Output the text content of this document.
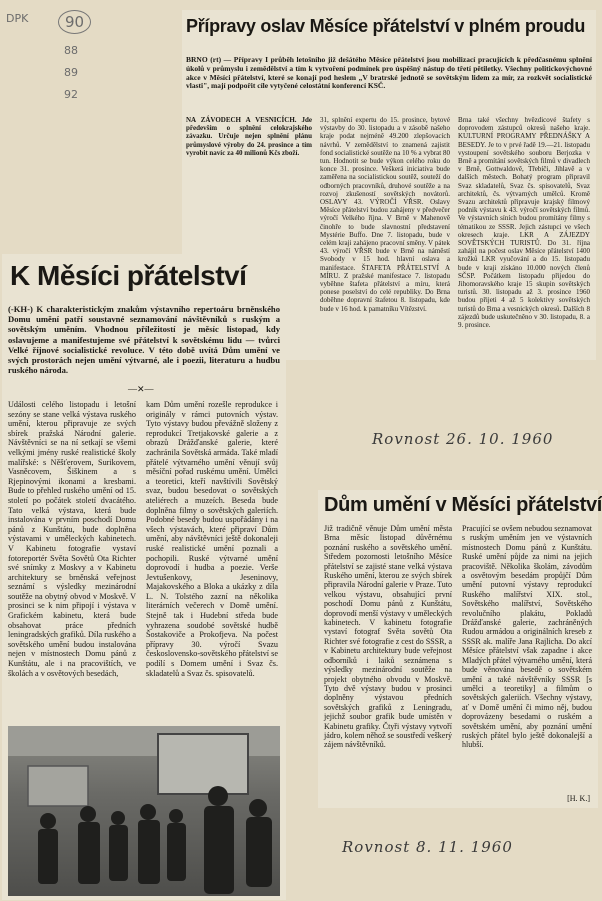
DPK	90
88
89
92
Přípravy oslav Měsíce přátelství v plném proudu
BRNO (rt) — Přípravy I průběh letošního již dešátého Měsíce přátelství jsou mobilizací pracujících k předčasnému splnění úkolů v průmyslu i zemědělství a tím k vytvoření podmínek pro úspěšný nástup do třetí pětiletky. Všechny politickovýchovné akce v Měsíci přátelství, které se konají pod heslem „V bratrské jednotě se sovětským lidem za mír, za rozkvět socialistické vlasti", mají podpořit cíle vytyčené celostátní konferencí KSČ.
NA ZÁVODECH A VESNICÍCH. Jde především o splnění celokrajského závazku. Určuje nejen splnění plánu průmyslové výroby do 24. prosince a tím vyrobit navíc za 40 milionů Kčs zboží.
31, splnění expertu do 15. prosince, bytové výstavby do 30. listopadu a v zásobě našeho kraje podat nejméně 49.200 zlepšovacích návrhů. V zemědělství to znamená zajistit fond socialistické soutěže na 10 % a vybrat 80 tun. Hodnotit se bude výkon celého roku do konce 31. prosince. Veškerá iniciativa bude zaměřena na socialistickou soutěž, souteží do odborných pracovníků, druhové soutěže a na rozvoj zkušeností sovětských novátorů. OSLAVY 43. VÝROČÍ VŘSR. Oslavy Měsíce přátelství budou zahájeny v předvečer výročí Velkého října. V Brně v Mahenově činohře to bude slavnostní představení Mystérie Buffo. Dne 7. listopadu, bude v celém kraji zahájeno pracovní směny. V pátek 43. výročí VŘSR bude v Brně na náměstí Svobody v 15 hod. hlavní oslava a manifestace. ŠTAFETA PŘÁTELSTVÍ A MÍRU. Z pražské manifestace 7. listopadu vyběhne štafeta přátelství a míru, která ponese poselství do celé republiky. Do Brna doběhne dopravní štafetou 8. listopadu, kde bude v 16 hod. k pamatníku Vítězství.
Brna také všechny hvězdicové štafety s doprovodem zástupců okresů našeho kraje. KULTURNÍ PROGRAMY PŘEDNÁŠKY A BESEDY. Je to v prvé řadě 19.—21. listopadu vystoupení sovětského souboru Berjozka v Brně a promítání sovětských filmů v divadlech v Brně, Gottwaldově, Třebíči, Jihlavě a v dalších městech. Bohatý program připravil Svaz skladatelů, Svaz čs. spisovatelů, Svaz architektů, čs. výtvarných umělců. Kromě Svazu architektů připravuje krajský filmový podnik výstavu k 43. výročí sovětských filmů. Ve výstavních síních budou promítány filmy s tématikou ze SSSR. Jejich zástupci ve všech okresech kraje. LKR A ZÁJEZDY SOVĚTSKÝCH TURISTŮ. Do 31. října zahájil na počest oslav Měsíce přátelství 1400 krožků LKR vyučování a do 15. listopadu bude v kraji získáno 10.000 nových členů SČSP. Počátkem listopadu přijedou do Jihomoravského kraje 15 skupin sovětských turistů. 30. listopadu až 3. prosince 1960 budou přijeti 4 až 5 kolektivy sovětských turistů do Brna a vesnických okresů. Dalších 8 zájezdů bude uskutečněno v 30. listopadu, 8. a 9. prosince.
Rovnost 26. 10. 1960
K Měsíci přátelství
(-KH-) K charakteristickým znakům výstavního repertoáru brněnského Domu umění patří soustavné seznamování návštěvníků s ruským a sovětským uměním. Vhodnou příležitostí je měsíc listopad, kdy oslavujeme a manifestujeme své přátelství k sovětskému lidu — tvůrci Velké říjnové socialistické revoluce. V této době uvítá Dům umění ve svých prostorách nejen umění výtvarné, ale i poezii, literaturu a hudbu ruského národa.
—✕—
Události celého listopadu i letošní sezóny se stane velká výstava ruského umění, kterou připravuje ze svých sbírek pražská Národní galerie. Návštěvníci se na ní setkají se všemi velkými jmény ruské realistické školy malířské: s Něšťerovem, Surikovem, Vasněcovem, Šiškinem a s Rjepinovými ikonami a kresbami. Bude to přehled ruského umění od 15. století po počátek století dvacátého. Tato velká výstava, která bude instalována v prvním poschodí Domu pánů z Kunštátu, bude doplněna výstavami v uměleckých kabinetech. V Kabinetu fotografie vystaví fotoreportér Světa Sovětů Ota Richter své snímky z Moskvy a v Kabinetu architektury se brněnská veřejnost seznámí s výsledky mezinárodní soutěže na obytný obvod v Moskvě. V prosinci se k nim připojí i výstava v Grafickém kabinetu, která bude obsahovat práce předních leningradských grafiků. Díla ruského a sovětského umění budou instalována nejen v místnostech Domu pánů z Kunštátu, ale i na pracovištích, ve školách a v osvětových besedách,
kam Dům umění rozešle reprodukce i originály v rámci putovních výstav. Tyto výstavy budou převážně složeny z reprodukcí Tretjakovské galerie a z obrazů Drážďanské galerie, které zachránila Sovětská armáda. Také mladí přátelé výtvarného umění věnují svůj měsíční pořad ruskému umění. Umělci a teoretici, kteří navštívili Sovětský svaz, budou besedovat o sovětských ateliérech a muzeích. Beseda bude doplněna filmy o sovětských galeriích. Podobné besedy budou uspořádány i na všech výstavách, které připraví Dům umění, aby návštěvníci ještě dokonaleji ruské realistické umění poznali a pochopili. Ruské výtvarné umění doprovodí i hudba a poezie. Verše Jevtušenkovy, Jeseninovy, Majakovského a Bloka a ukázky z díla L. N. Tolstého zazní na několika literárních večerech v Domě umění. Stejně tak i Hudební středa bude vyhrazena soudobé sovětské hudbě Šostakoviče a Prokofjeva. Na počest přípravy 30. výročí Svazu československo-sovětského přátelství se podílí s Domem umění i Svaz čs. skladatelů a Svaz čs. spisovatelů.
Dům umění v Měsíci přátelství
Již tradičně věnuje Dům umění města Brna měsíc listopad důvěrnému poznání ruského a sovětského umění. Středem pozornosti letošního Měsíce přátelství se zajisté stane velká výstava Ruského umění, kterou ze svých sbírek připravila Národní galerie v Praze. Tuto velkou výstavu, obsahující první poschodí Domu pánů z Kunštátu, doprovodí menší výstavy v uměleckých kabinetech. V kabinetu fotografie vystaví fotograf Světa sovětů Ota Richter své fotografie z cest do SSSR, a v Kabinetu architektury bude veřejnost odborníků i laiků seznámena s výsledky mezinárodní soutěže na projekt obytného obvodu v Moskvě. Tyto dvě výstavy budou v prosinci doplněny výstavou předních sovětských grafiků z Leningradu, jejichž soubor grafik bude umístěn v Kabinetu grafiky. Čtyři výstavy vytvoří jádro, kolem něhož se soustředí veškerý zájem návštěvníků.
Pracující se ovšem nebudou seznamovat s ruským uměním jen ve výstavních místnostech Domu pánů z Kunštátu. Ruské umění půjde za nimi na jejich pracoviště. Několika školám, závodům a osvětovým besedám propůjčí Dům umění putovní výstavy reprodukcí Ruského malířství XIX. stol., Sovětského malířství, Sovětského revolučního plakátu, Pokladů Drážďanské galerie, zachráněných Rudou armádou a originálních kreseb z SSSR ak. malíře Jana Rajlicha. Do akcí Měsíce přátelství však zapadne i akce Mladých přátel výtvarného umění, která bude věnována besedě o sovětském umění a také návštěvníky SSSR [s umělci a teoretiky] a filmům o sovětských galeriích. Všechny výstavy, ať v Domě umění či mimo něj, budou doprovázeny besedami o ruském a sovětském umění, aby poznání umění ruských přátel bylo ještě dokonalejší a hlubší.
[H. K.]
Rovnost 8. 11. 1960
